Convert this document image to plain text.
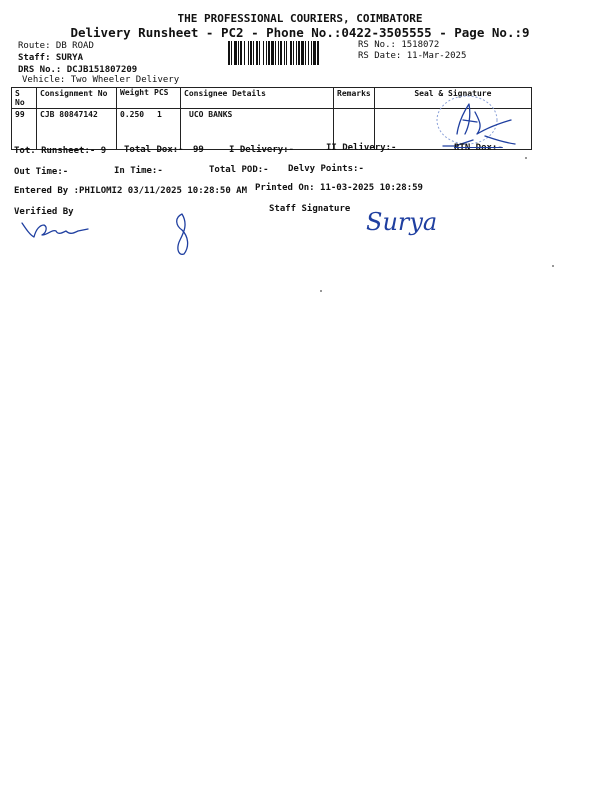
THE PROFESSIONAL COURIERS, COIMBATORE
Delivery Runsheet - PC2 - Phone No.:0422-3505555 - Page No.:9
Route: DB ROAD
Staff: SURYA
DRS No.: DCJB151807209
Vehicle: Two Wheeler Delivery
RS No.: 1518072
RS Date: 11-Mar-2025
S No	Consignment No	Weight PCS	Consignee Details	Remarks	Seal & Signature
99	CJB 80847142	0.250 1	UCO BANKS		
Tot. Runsheet:- 9 Total Dox:- 99	I Delivery:-	II Delivery:-	RTN Dox:-
Out Time:-	In Time:-	Total POD:- Delvy Points:-
Entered By :PHILOMI2 03/11/2025 10:28:50 AM Printed On: 11-03-2025 10:28:59
Verified By	Staff Signature Surya
